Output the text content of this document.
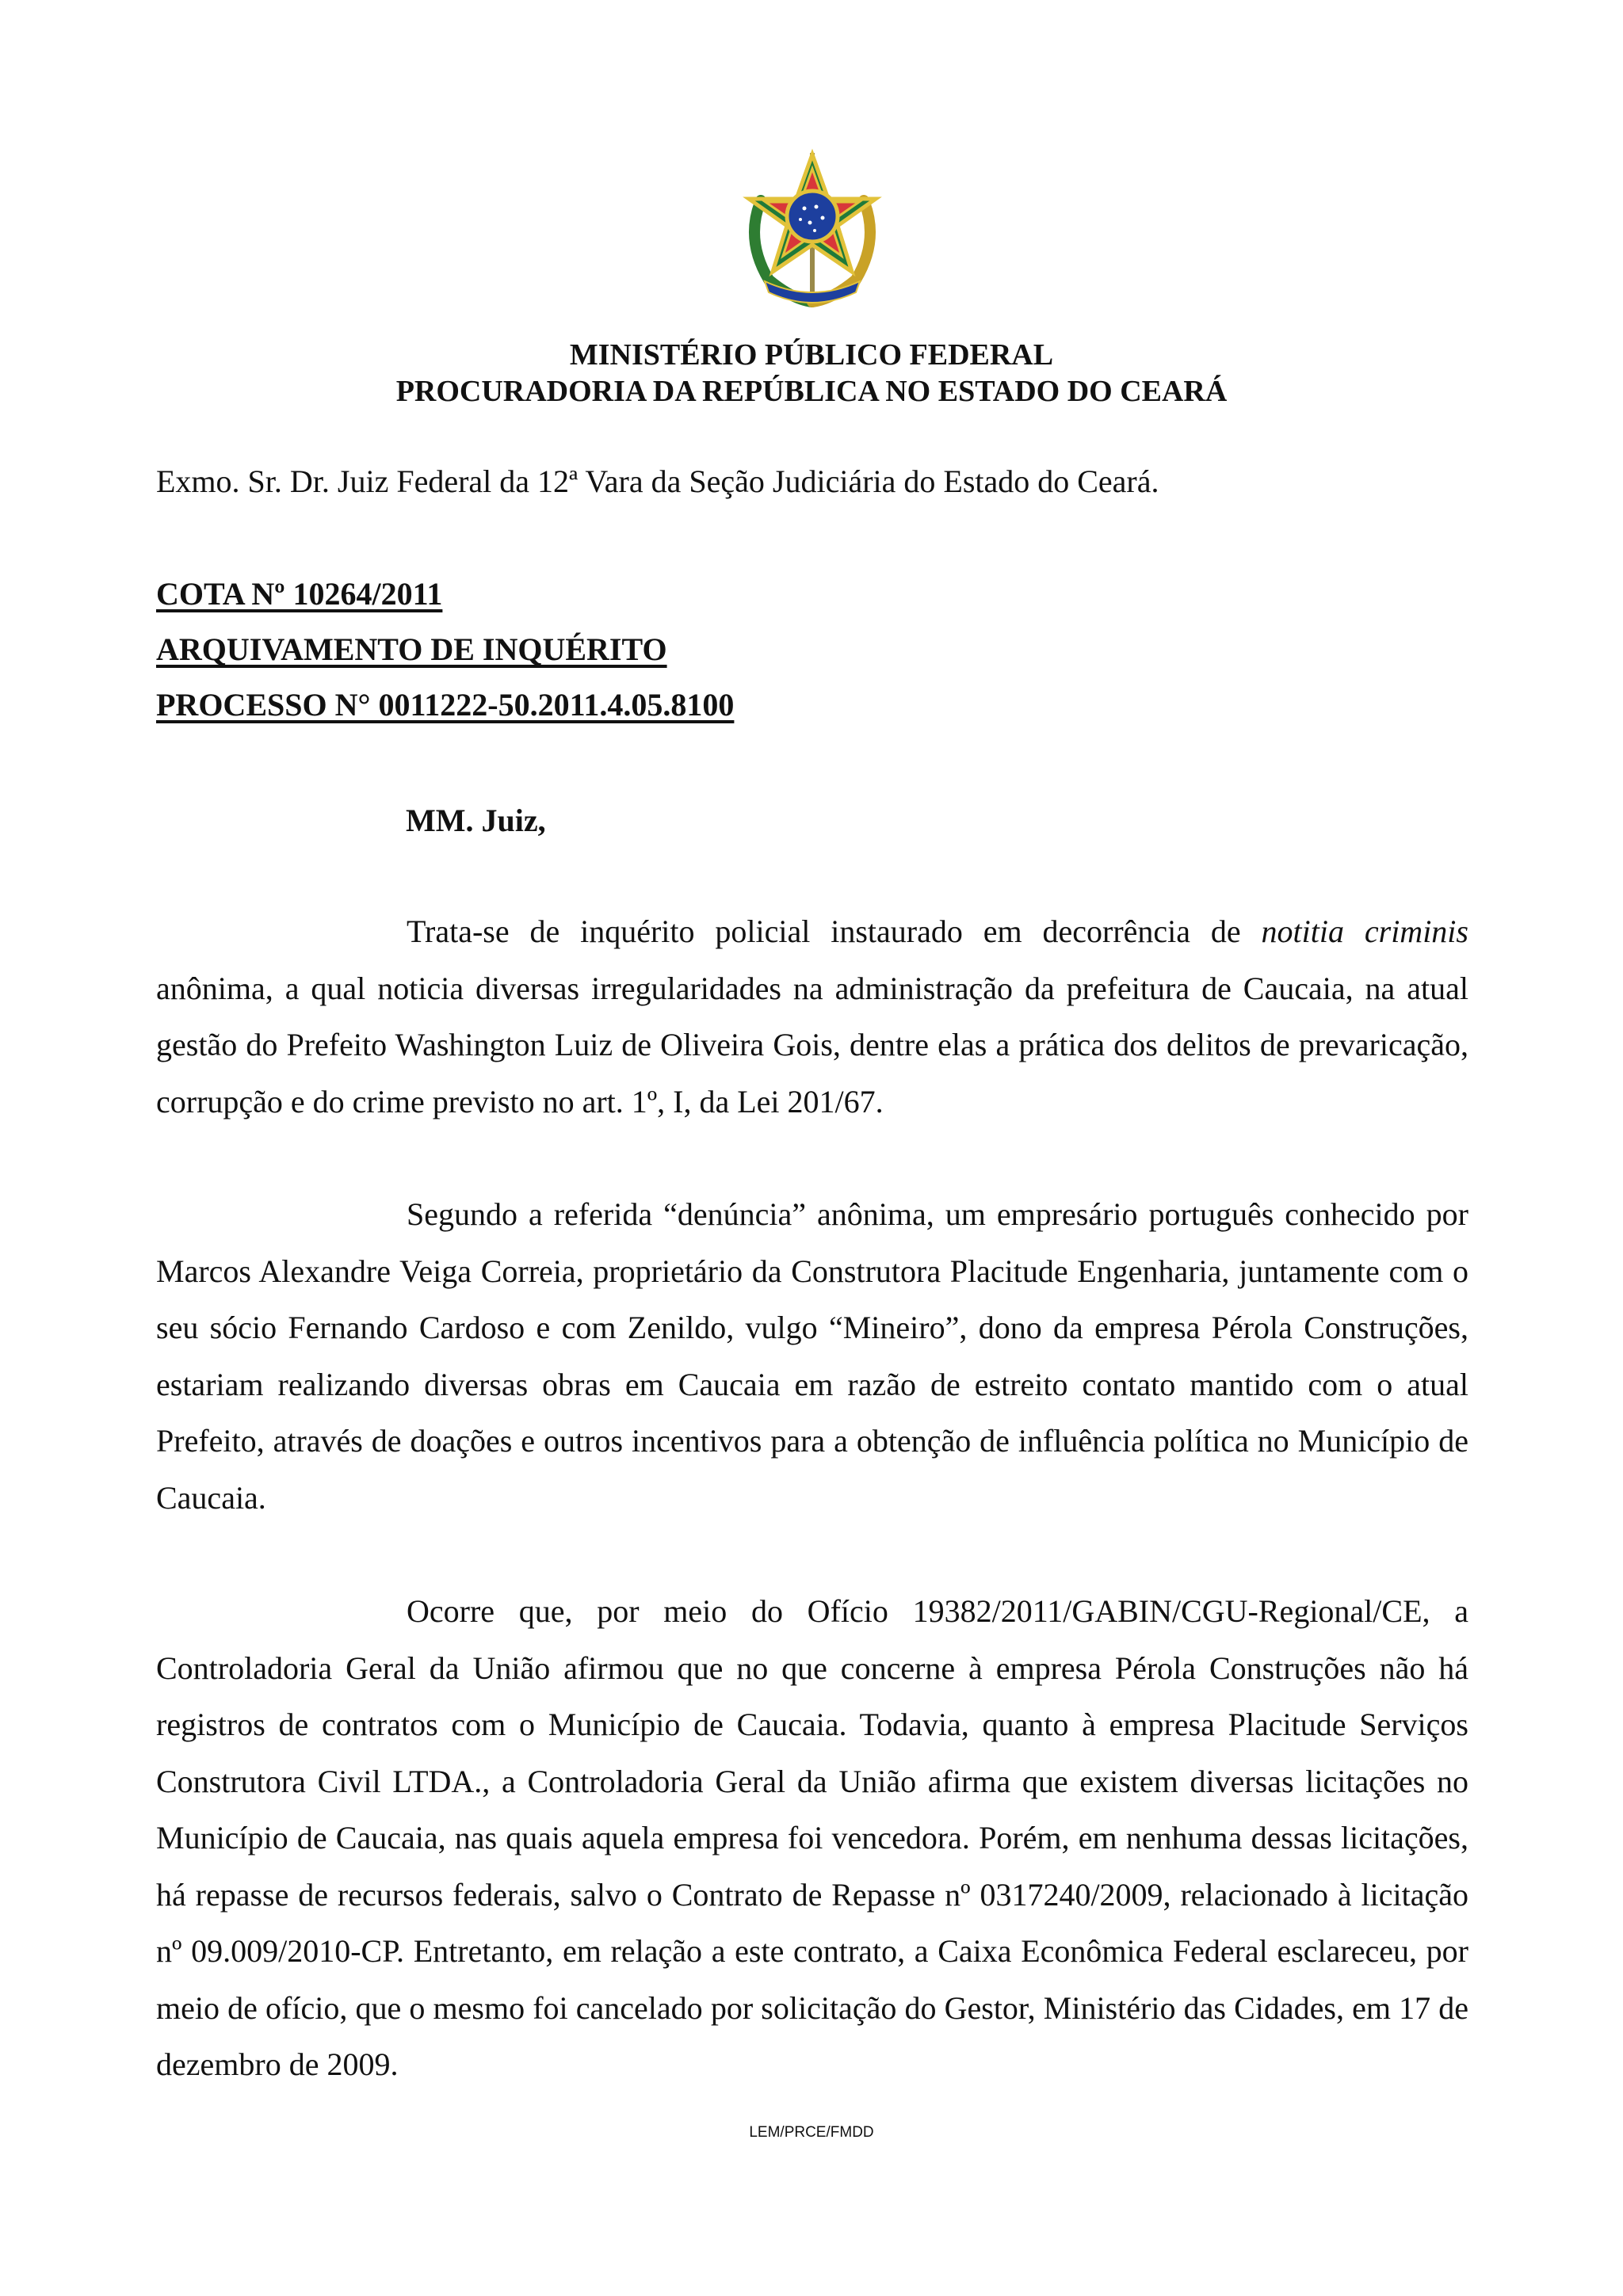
MINISTÉRIO PÚBLICO FEDERAL
PROCURADORIA DA REPÚBLICA NO ESTADO DO CEARÁ
Exmo. Sr. Dr. Juiz Federal da 12ª Vara da Seção Judiciária do Estado do Ceará.
COTA Nº 10264/2011
ARQUIVAMENTO DE INQUÉRITO
PROCESSO N° 0011222-50.2011.4.05.8100
MM. Juiz,

Trata-se de inquérito policial instaurado em decorrência de notitia criminis anônima, a qual noticia diversas irregularidades na administração da prefeitura de Caucaia, na atual gestão do Prefeito Washington Luiz de Oliveira Gois, dentre elas a prática dos delitos de prevaricação, corrupção e do crime previsto no art. 1º, I, da Lei 201/67.

Segundo a referida “denúncia” anônima, um empresário português conhecido por Marcos Alexandre Veiga Correia, proprietário da Construtora Placitude Engenharia, juntamente com o seu sócio Fernando Cardoso e com Zenildo, vulgo “Mineiro”, dono da empresa Pérola Construções, estariam realizando diversas obras em Caucaia em razão de estreito contato mantido com o atual Prefeito, através de doações e outros incentivos para a obtenção de influência política no Município de Caucaia.

Ocorre que, por meio do Ofício 19382/2011/GABIN/CGU-Regional/CE, a Controladoria Geral da União afirmou que no que concerne à empresa Pérola Construções não há registros de contratos com o Município de Caucaia. Todavia, quanto à empresa Placitude Serviços Construtora Civil LTDA., a Controladoria Geral da União afirma que existem diversas licitações no Município de Caucaia, nas quais aquela empresa foi vencedora. Porém, em nenhuma dessas licitações, há repasse de recursos federais, salvo o Contrato de Repasse nº 0317240/2009, relacionado à licitação nº 09.009/2010-CP. Entretanto, em relação a este contrato, a Caixa Econômica Federal esclareceu, por meio de ofício, que o mesmo foi cancelado por solicitação do Gestor, Ministério das Cidades, em 17 de dezembro de 2009.

LEM/PRCE/FMDD
